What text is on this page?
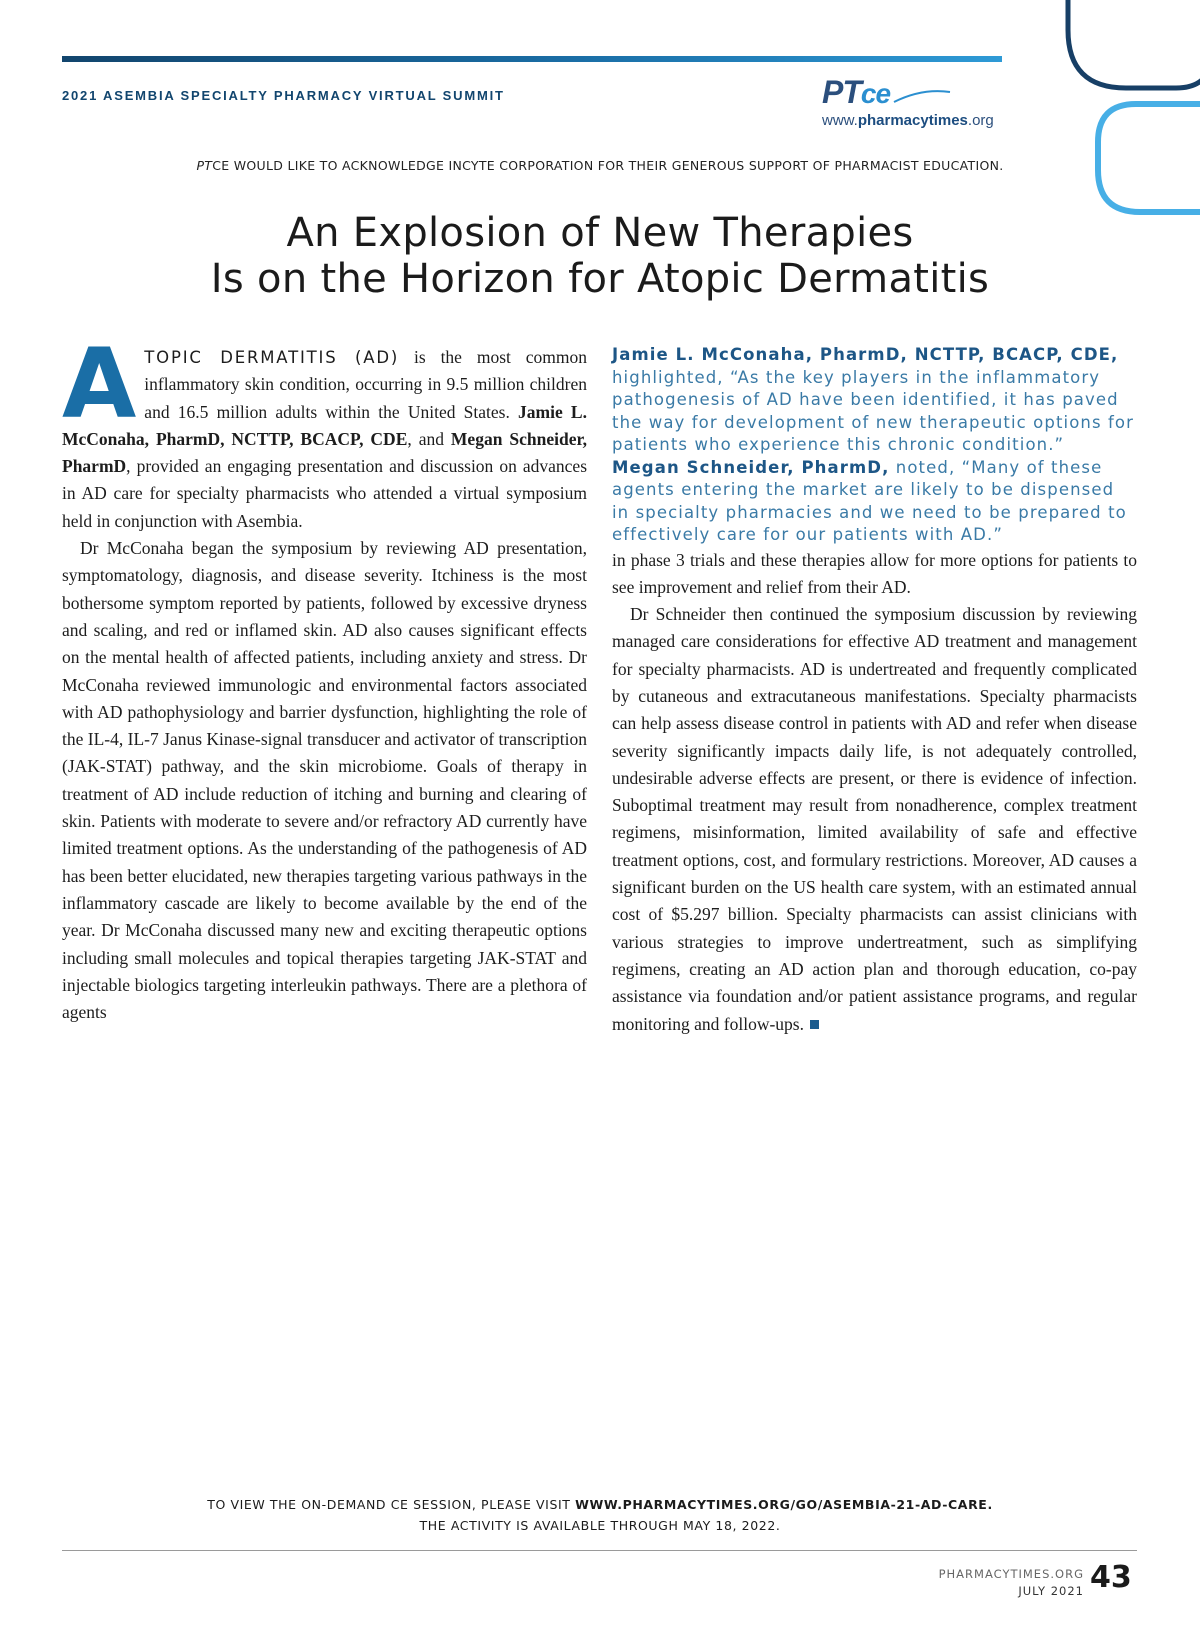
2021 ASEMBIA SPECIALTY PHARMACY VIRTUAL SUMMIT	PTce
www.pharmacytimes.org
PTCE WOULD LIKE TO ACKNOWLEDGE INCYTE CORPORATION FOR THEIR GENEROUS SUPPORT OF PHARMACIST EDUCATION.
An Explosion of New Therapies
Is on the Horizon for Atopic Dermatitis

ATOPIC DERMATITIS (AD) is the most common inflammatory skin condition, occurring in 9.5 million children and 16.5 million adults within the United States. Jamie L. McConaha, PharmD, NCTTP, BCACP, CDE, and Megan Schneider, PharmD, provided an engaging presentation and discussion on advances in AD care for specialty pharmacists who attended a virtual symposium held in conjunction with Asembia.

Dr McConaha began the symposium by reviewing AD presentation, symptomatology, diagnosis, and disease severity. Itchiness is the most bothersome symptom reported by patients, followed by excessive dryness and scaling, and red or inflamed skin. AD also causes significant effects on the mental health of affected patients, including anxiety and stress. Dr McConaha reviewed immunologic and environmental factors associated with AD pathophysiology and barrier dysfunction, highlighting the role of the IL-4, IL-7 Janus Kinase-signal transducer and activator of transcription (JAK-STAT) pathway, and the skin microbiome. Goals of therapy in treatment of AD include reduction of itching and burning and clearing of skin. Patients with moderate to severe and/or refractory AD currently have limited treatment options. As the understanding of the pathogenesis of AD has been better elucidated, new therapies targeting various pathways in the inflammatory cascade are likely to become available by the end of the year. Dr McConaha discussed many new and exciting therapeutic options including small molecules and topical therapies targeting JAK-STAT and injectable biologics targeting interleukin pathways. There are a plethora of agents

Jamie L. McConaha, PharmD, NCTTP, BCACP, CDE, highlighted, “As the key players in the inflammatory pathogenesis of AD have been identified, it has paved the way for development of new therapeutic options for patients who experience this chronic condition.”

Megan Schneider, PharmD, noted, “Many of these agents entering the market are likely to be dispensed in specialty pharmacies and we need to be prepared to effectively care for our patients with AD.”

in phase 3 trials and these therapies allow for more options for patients to see improvement and relief from their AD.

Dr Schneider then continued the symposium discussion by reviewing managed care considerations for effective AD treatment and management for specialty pharmacists. AD is undertreated and frequently complicated by cutaneous and extracutaneous manifestations. Specialty pharmacists can help assess disease control in patients with AD and refer when disease severity significantly impacts daily life, is not adequately controlled, undesirable adverse effects are present, or there is evidence of infection. Suboptimal treatment may result from nonadherence, complex treatment regimens, misinformation, limited availability of safe and effective treatment options, cost, and formulary restrictions. Moreover, AD causes a significant burden on the US health care system, with an estimated annual cost of $5.297 billion. Specialty pharmacists can assist clinicians with various strategies to improve undertreatment, such as simplifying regimens, creating an AD action plan and thorough education, co-pay assistance via foundation and/or patient assistance programs, and regular monitoring and follow-ups.

TO VIEW THE ON-DEMAND CE SESSION, PLEASE VISIT WWW.PHARMACYTIMES.ORG/GO/ASEMBIA-21-AD-CARE.
THE ACTIVITY IS AVAILABLE THROUGH MAY 18, 2022.
PHARMACYTIMES.ORG
JULY 2021 43
